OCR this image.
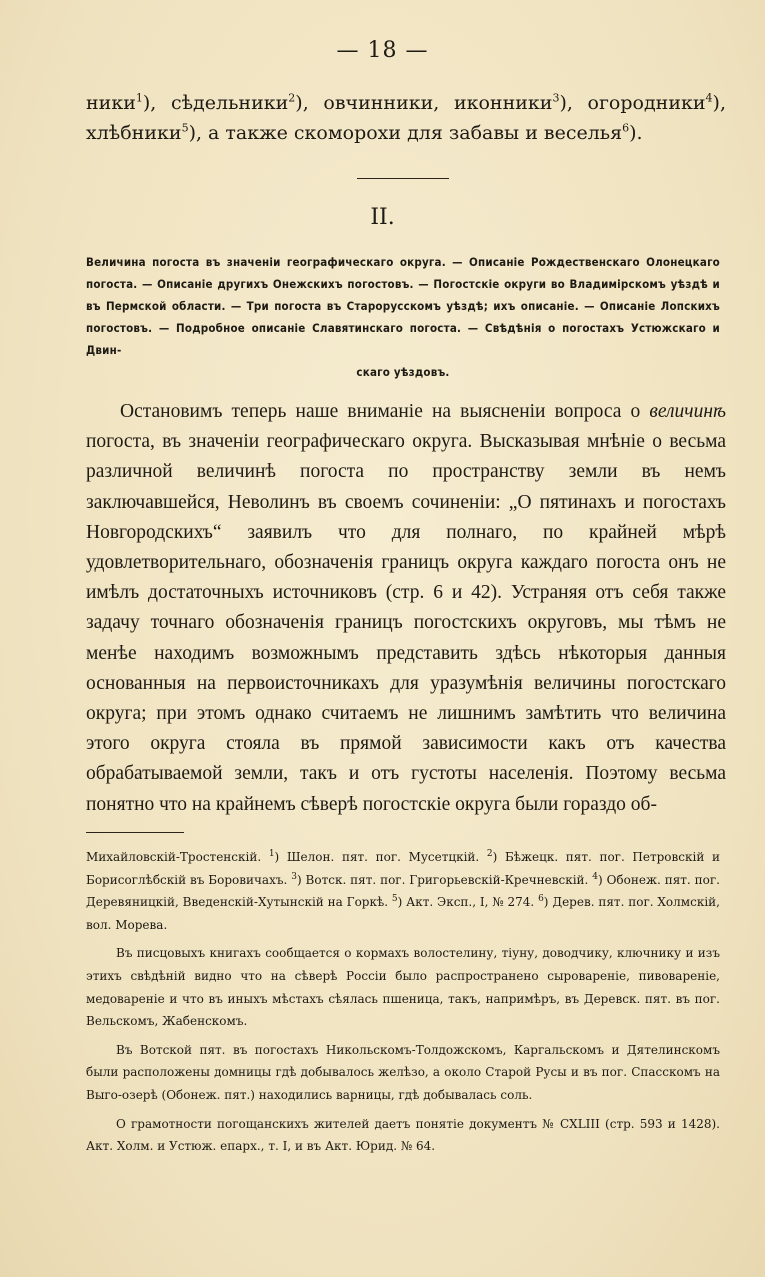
— 18 —

ники$^1$), сѣдельники$^2$), овчинники, иконники$^3$), огородники$^4$), хлѣбники$^5$), а также скоморохи для забавы и веселья$^6$).

II.
Величина погоста въ значеніи географическаго округа. — Описаніе Рождественскаго Олонецкаго погоста. — Описаніе другихъ Онежскихъ погостовъ. — Погостскіе округи во Владимірскомъ уѣздѣ и въ Пермской области. — Три погоста въ Старорусскомъ уѣздѣ; ихъ описаніе. — Описаніе Лопскихъ погостовъ. — Подробное описаніе Славятинскаго погоста. — Свѣдѣнія о погостахъ Устюжскаго и Двин-
скаго уѣздовъ.
Остановимъ теперь наше вниманіе на выясненіи вопроса о величинѣ погоста, въ значеніи географическаго округа. Высказывая мнѣніе о весьма различной величинѣ погоста по пространству земли въ немъ заключавшейся, Неволинъ въ своемъ сочиненіи: „О пятинахъ и погостахъ Новгородскихъ“ заявилъ что для полнаго, по крайней мѣрѣ удовлетворительнаго, обозначенія границъ округа каждаго погоста онъ не имѣлъ достаточныхъ источниковъ (стр. 6 и 42). Устраняя отъ себя также задачу точнаго обозначенія границъ погостскихъ округовъ, мы тѣмъ не менѣе находимъ возможнымъ представить здѣсь нѣкоторыя данныя основанныя на первоисточникахъ для уразумѣнія величины погостскаго округа; при этомъ однако считаемъ не лишнимъ замѣтить что величина этого округа стояла въ прямой зависимости какъ отъ качества обрабатываемой земли, такъ и отъ густоты населенія. Поэтому весьма понятно что на крайнемъ сѣверѣ погостскіе округа были гораздо об-

Михайловскій-Тростенскій. $^1$) Шелон. пят. пог. Мусетцкій. $^2$) Бѣжецк. пят. пог. Петровскій и Борисоглѣбскій въ Боровичахъ. $^3$) Вотск. пят. пог. Григорьевскій-Кречневскій. $^4$) Обонеж. пят. пог. Деревяницкій, Введенскій-Хутынскій на Горкѣ. $^5$) Акт. Эксп., I, № 274. $^6$) Дерев. пят. пог. Холмскій, вол. Морева.

Въ писцовыхъ книгахъ сообщается о кормахъ волостелину, тіуну, доводчику, ключнику и изъ этихъ свѣдѣній видно что на сѣверѣ Россіи было распространено сыровареніе, пивовареніе, медовареніе и что въ иныхъ мѣстахъ сѣялась пшеница, такъ, напримѣръ, въ Деревск. пят. въ пог. Вельскомъ, Жабенскомъ.

Въ Вотской пят. въ погостахъ Никольскомъ-Толдожскомъ, Каргальскомъ и Дятелинскомъ были расположены домницы гдѣ добывалось желѣзо, а около Старой Русы и въ пог. Спасскомъ на Выго-озерѣ (Обонеж. пят.) находились варницы, гдѣ добывалась соль.

О грамотности погощанскихъ жителей даетъ понятіе документъ № CXLIII (стр. 593 и 1428). Акт. Холм. и Устюж. епарх., т. I, и въ Акт. Юрид. № 64.
